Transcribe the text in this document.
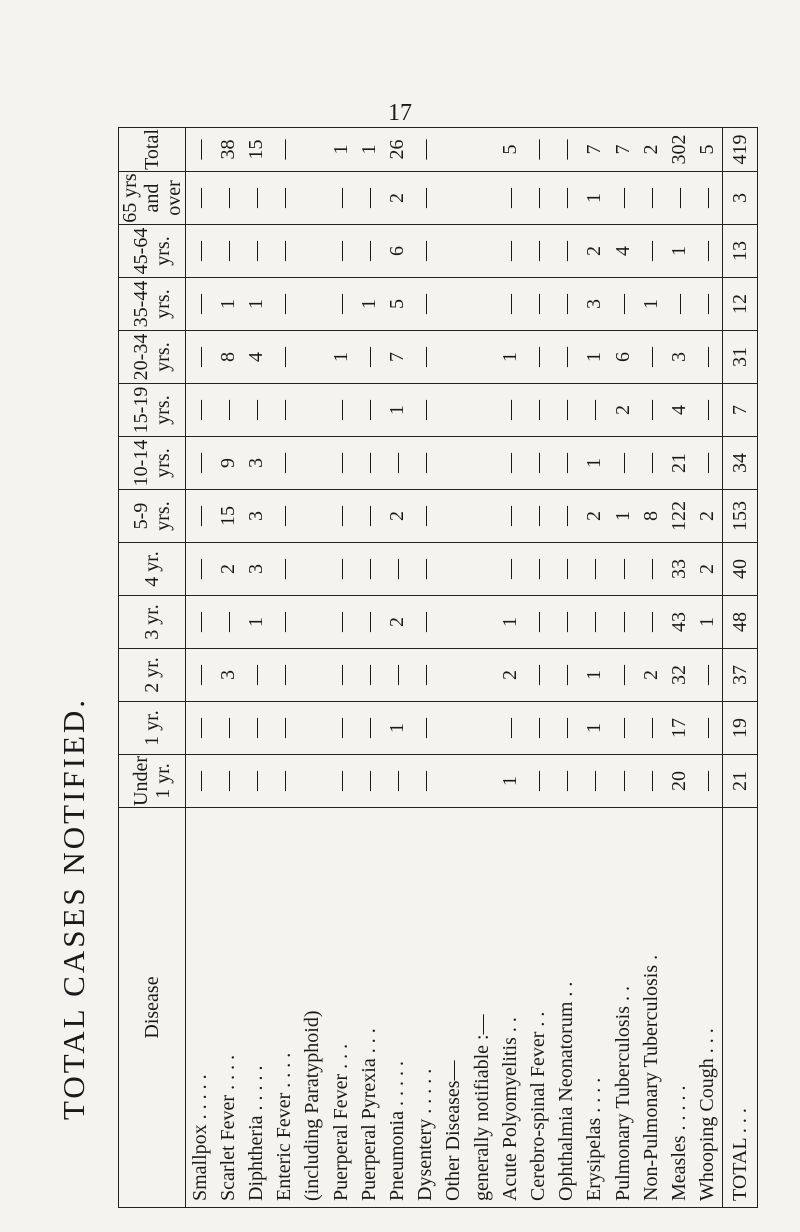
17
TOTAL CASES NOTIFIED.	Disease	Under 1 yr.	1 yr.	2 yr.	3 yr.	4 yr.	5-9 yrs.	10-14 yrs.	15-19 yrs.	20-34 yrs.	35-44 yrs.	45-64 yrs.	65 yrs and over	Total
Smallpox . . . . .	—	—	—	—	—	—	—	—	—	—	—	—	—
Scarlet Fever . . . .	—	—	3	—	2	15	9	—	8	1	—	—	38
Diphtheria . . . . .	—	—	—	1	3	3	3	—	4	1	—	—	15
Enteric Fever . . . .	—	—	—	—	—	—	—	—	—	—	—	—	—
(including Paratyphoid)													
Puerperal Fever . . .	—	—	—	—	—	—	—	—	1	—	—	—	1
Puerperal Pyrexia . . .	—	—	—	—	—	—	—	—	—	1	—	—	1
Pneumonia . . . . .	—	1	—	2	—	2	—	1	7	5	6	2	26
Dysentery . . . . .	—	—	—	—	—	—	—	—	—	—	—	—	—
Other Diseases—													
generally notifiable :—													
Acute Polyomyelitis . .	1	—	2	1	—	—	—	—	1	—	—	—	5
Cerebro-spinal Fever . .	—	—	—	—	—	—	—	—	—	—	—	—	—
Ophthalmia Neonatorum . .	—	—	—	—	—	—	—	—	—	—	—	—	—
Erysipelas . . . .	—	1	1	—	—	2	1	—	1	3	2	1	7
Pulmonary Tuberculosis . .	—	—	—	—	—	1	—	2	6	—	4	—	7
Non-Pulmonary Tuberculosis .	—	—	2	—	—	8	—	—	—	1	—	—	2
Measles . . . . .	20	17	32	43	33	122	21	4	3	—	1	—	302
Whooping Cough . . .	—	—	—	1	2	2	—	—	—	—	—	—	5
TOTAL . . .	21	19	37	48	40	153	34	7	31	12	13	3	419
